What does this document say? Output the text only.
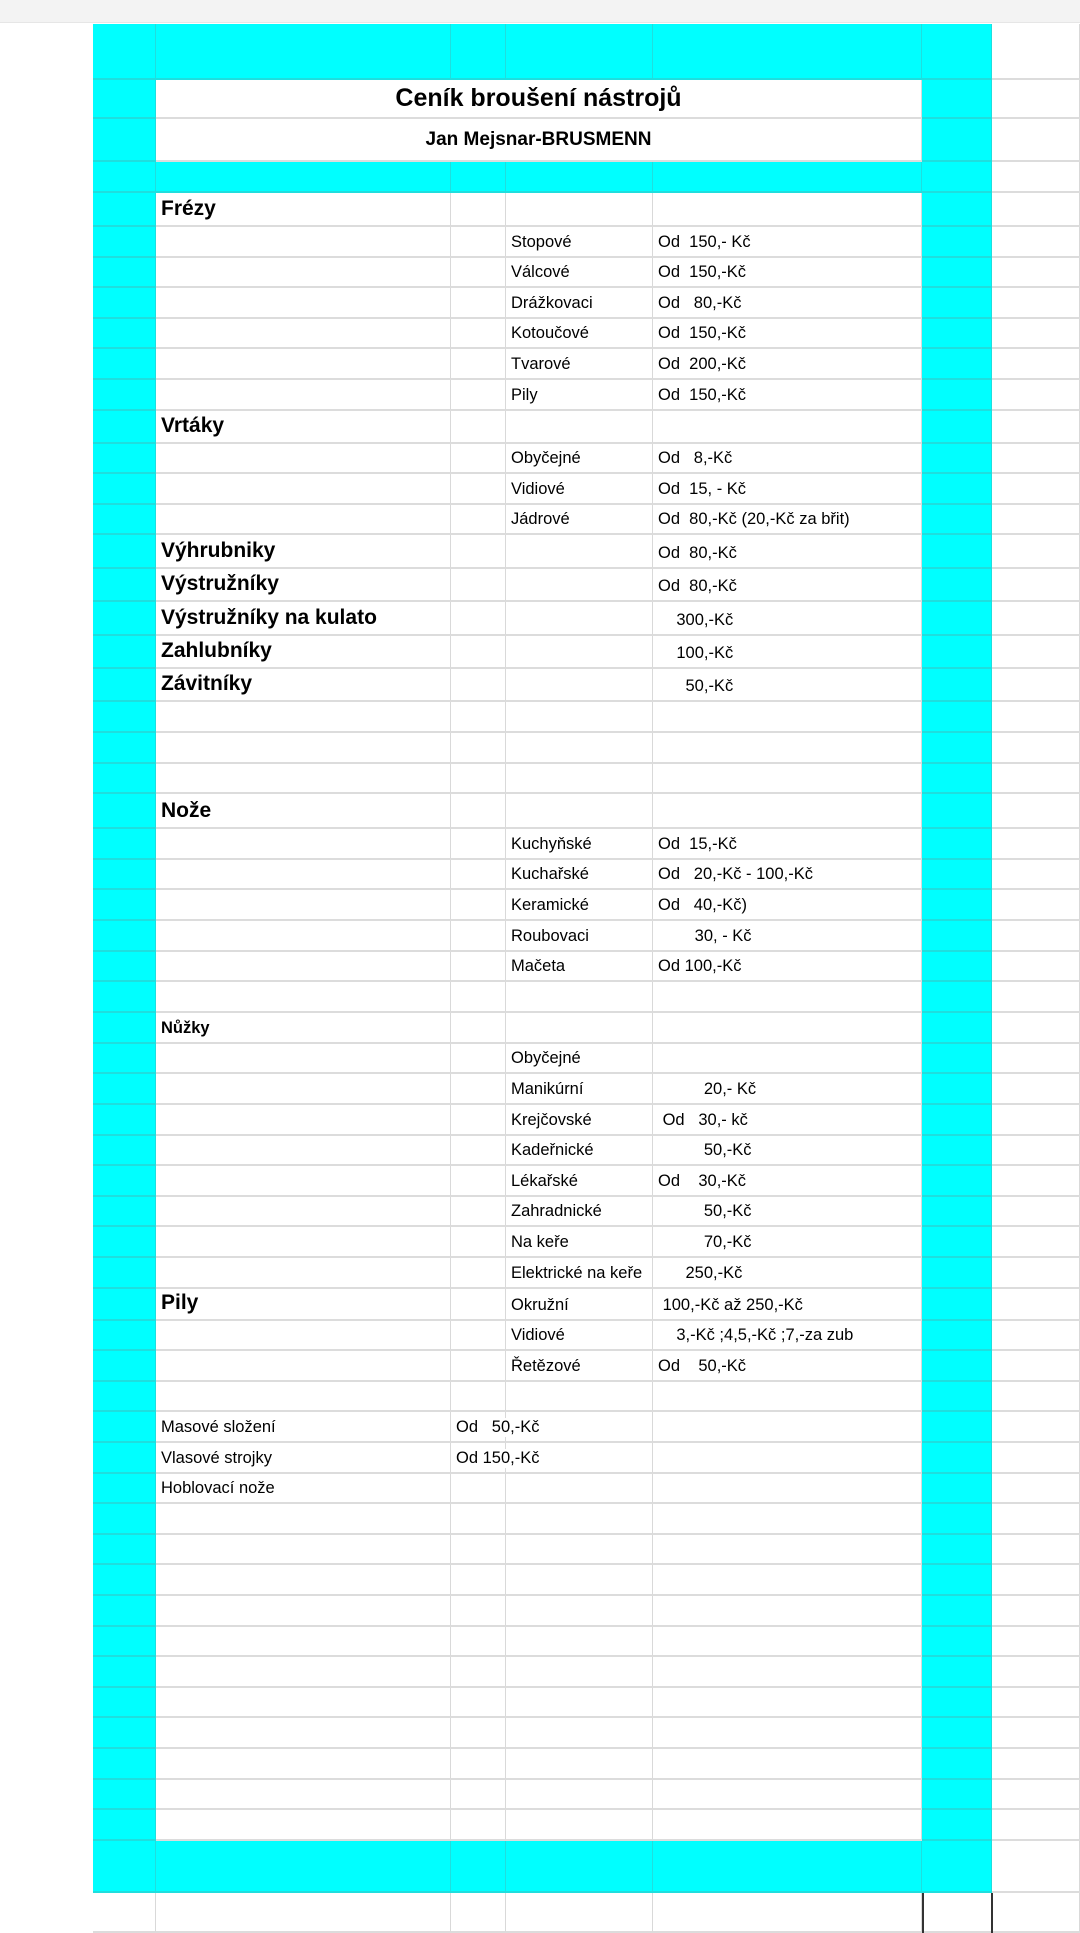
Ceník broušení nástrojů
Jan Mejsnar-BRUSMENN
Frézy
Stopové	Od  150,- Kč
Válcové	Od  150,-Kč
Drážkovaci	Od   80,-Kč
Kotoučové	Od  150,-Kč
Tvarové	Od  200,-Kč
Pily	Od  150,-Kč
Vrtáky
Obyčejné	Od   8,-Kč
Vidiové	Od  15, - Kč
Jádrové	Od  80,-Kč (20,-Kč za břit)
Výhrubniky	Od  80,-Kč
Výstružníky	Od  80,-Kč
Výstružníky na kulato	300,-Kč
Zahlubníky	100,-Kč
Závitníky	50,-Kč
Nože
Kuchyňské	Od  15,-Kč
Kuchařské	Od   20,-Kč - 100,-Kč
Keramické	Od   40,-Kč)
Roubovaci	30, - Kč
Mačeta	Od 100,-Kč
Nůžky
Obyčejné
Manikúrní	20,- Kč
Krejčovské	Od   30,- kč
Kadeřnické	50,-Kč
Lékařské	Od    30,-Kč
Zahradnické	50,-Kč
Na keře	70,-Kč
Elektrické na keře 250,-Kč
Pily	Okružní	100,-Kč až 250,-Kč
Vidiové	3,-Kč ;4,5,-Kč ;7,-za zub
Řetězové	Od    50,-Kč
Masové složení	Od   50,-Kč
Vlasové strojky	Od 150,-Kč
Hoblovací nože
